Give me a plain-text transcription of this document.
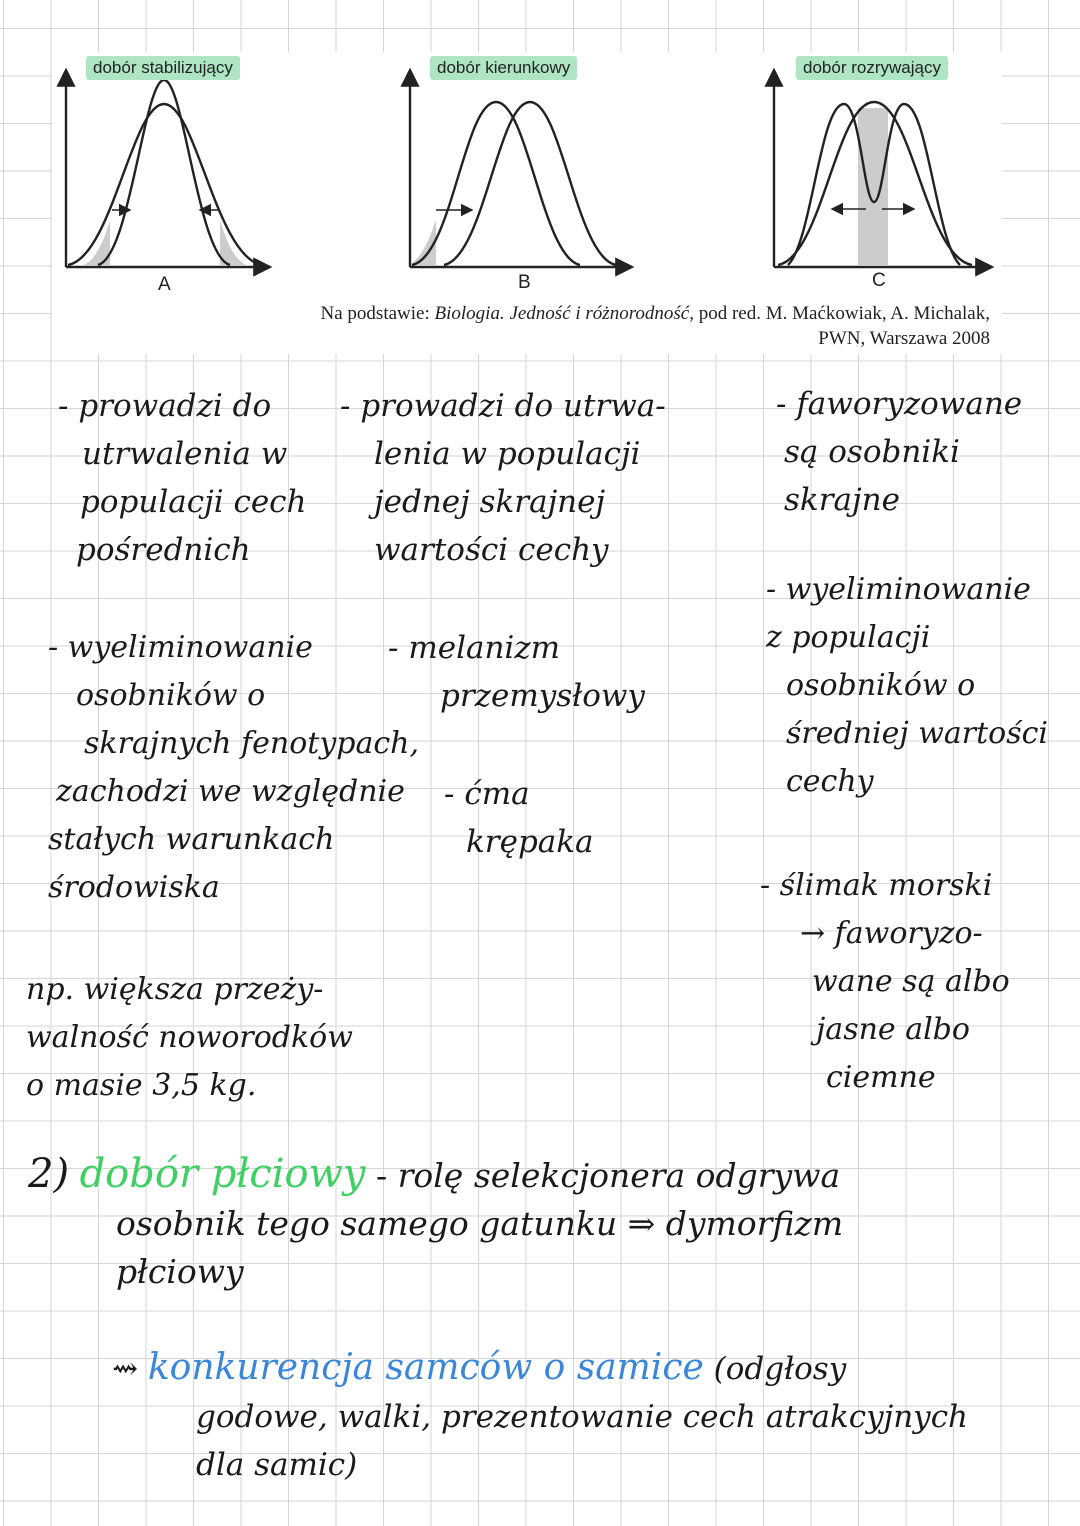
dobór stabilizujący	dobór kierunkowy	dobór rozrywający
A	B	C
Na podstawie: Biologia. Jedność i różnorodność, pod red. M. Maćkowiak, A. Michalak,
PWN, Warszawa 2008
- prowadzi do
utrwalenia w
populacji cech
pośrednich
- wyeliminowanie
osobników o
skrajnych fenotypach,
zachodzi we względnie
stałych warunkach
środowiska
np. większa przeży-
walność noworodków
o masie 3,5 kg.
- prowadzi do utrwa-
lenia w populacji
jednej skrajnej
wartości cechy
- melanizm
przemysłowy
- ćma
krępaka
- faworyzowane
są osobniki
skrajne
- wyeliminowanie
z populacji
osobników o
średniej wartości
cechy
- ślimak morski
→ faworyzo-
wane są albo
jasne albo
ciemne
2) dobór płciowy - rolę selekcjonera odgrywa
osobnik tego samego gatunku ⇒ dymorfizm
płciowy
⇝ konkurencja samców o samice (odgłosy
godowe, walki, prezentowanie cech atrakcyjnych
dla samic)
